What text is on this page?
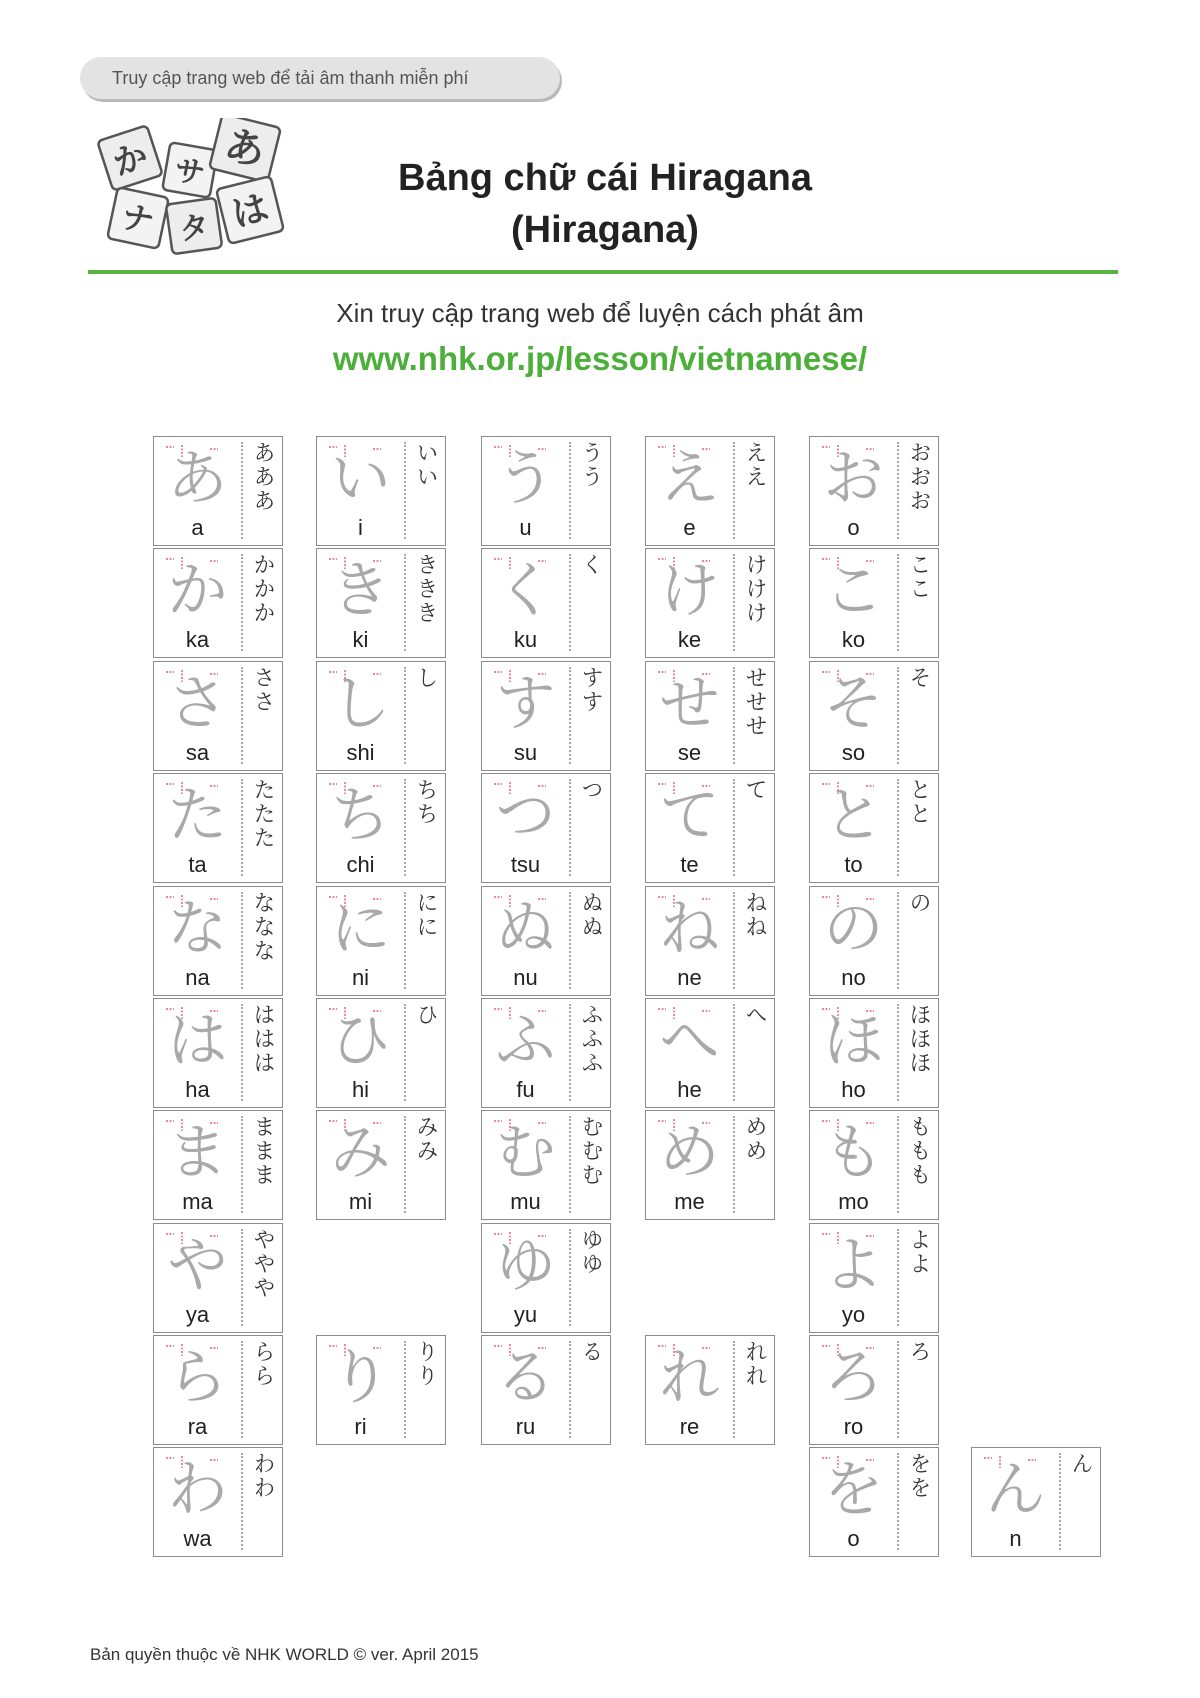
Truy cập trang web để tải âm thanh miễn phí
か サ あ
ナ タ は
Bảng chữ cái Hiragana
(Hiragana)
Xin truy cập trang web để luyện cách phát âm
www.nhk.or.jp/lesson/vietnamese/
あ
a
あああ
か
ka
かかか
さ
sa
ささ
た
ta
たたた
な
na
ななな
は
ha
ははは
ま
ma
ままま
や
ya
ややや
ら
ra
らら
わ
wa
わわ
い
i
いい
き
ki
ききき
し
shi
し
ち
chi
ちち
に
ni
にに
ひ
hi
ひ
み
mi
みみ
り
ri
りり
う
u
うう
く
ku
く
す
su
すす
つ
tsu
つ
ぬ
nu
ぬぬ
ふ
fu
ふふふ
む
mu
むむむ
ゆ
yu
ゆゆ
る
ru
る
え
e
ええ
け
ke
けけけ
せ
se
せせせ
て
te
て
ね
ne
ねね
へ
he
へ
め
me
めめ
れ
re
れれ
お
o
おおお
こ
ko
ここ
そ
so
そ
と
to
とと
の
no
の
ほ
ho
ほほほ
も
mo
ももも
よ
yo
よよ
ろ
ro
ろ
を
o
をを ん
n
ん
Bản quyền thuộc về NHK WORLD © ver. April 2015
